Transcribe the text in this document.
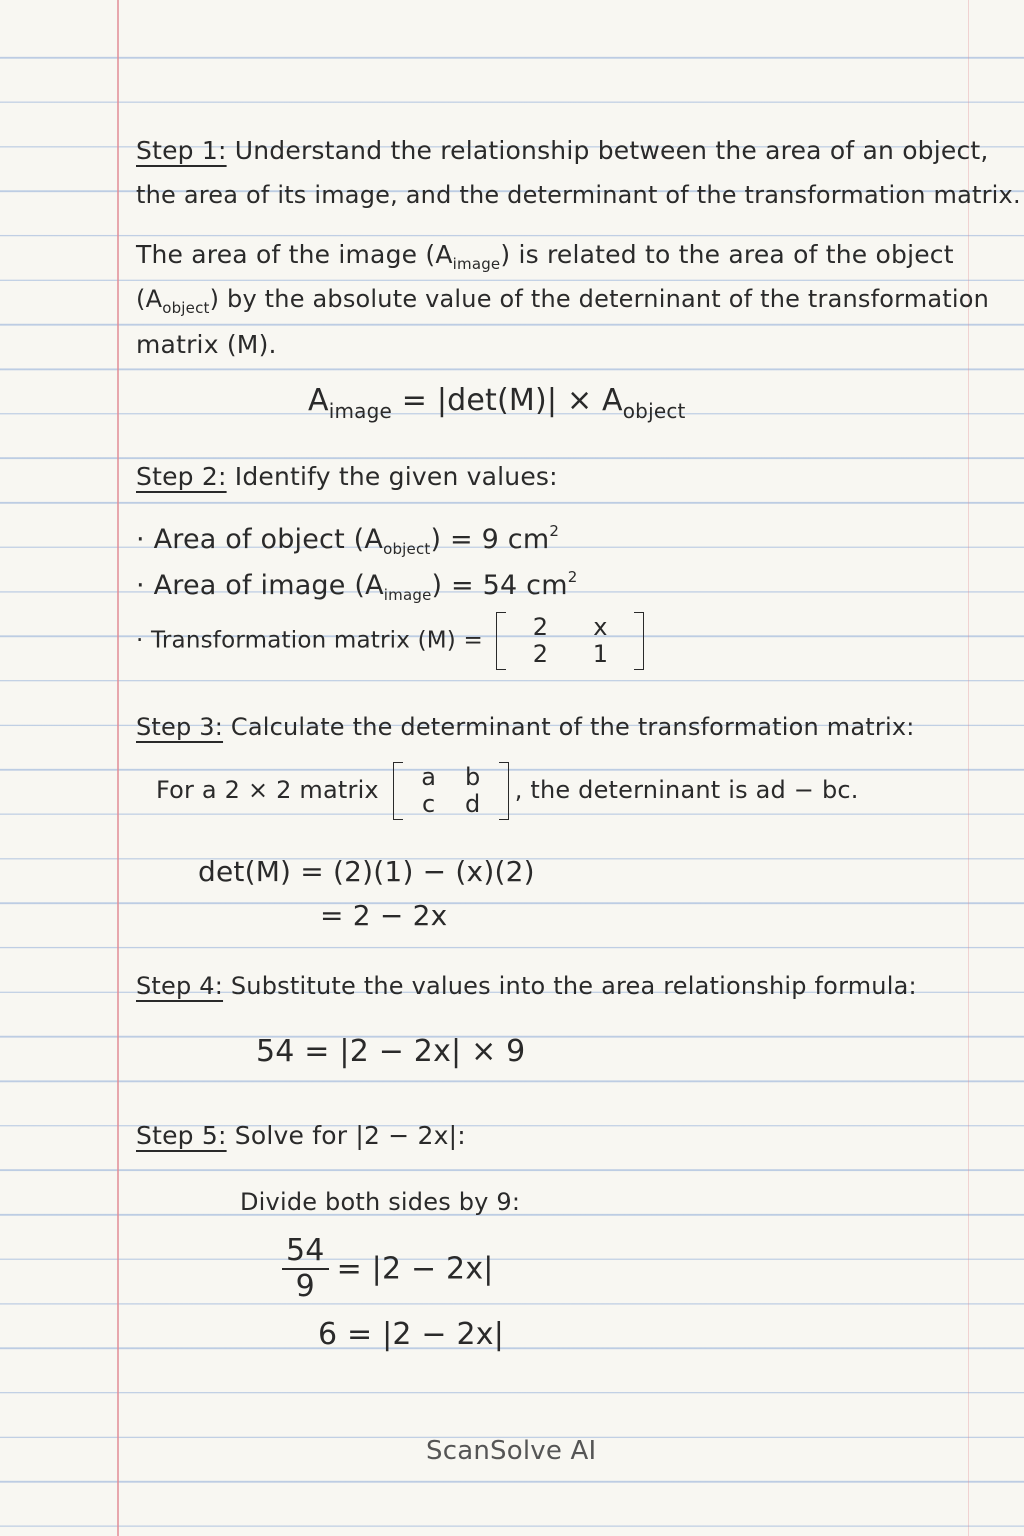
Step 1: Understand the relationship between the area of an object,
the area of its image, and the determinant of the transformation matrix.
The area of the image $(A_{image})$ is related to the area of the object
$(A_{object})$ by the absolute value of the deterninant of the transformation
matrix (M).
$A_{image} = |\det(M)| \times A_{object}$
Step 2: Identify the given values:
· Area of object $(A_{object}) = 9$ $cm^2$
· Area of image $(A_{image}) = 54$ $cm^2$
· Transformation matrix (M) =	2	x
2	1
Step 3: Calculate the determinant of the transformation matrix:
For a 2 × 2 matrix	a	b
c	d	, the deterninant is ad − bc.
det(M) = (2)(1) − (x)(2)
= 2 − 2x
Step 4: Substitute the values into the area relationship formula:
54 = |2 − 2x| × 9
Step 5: Solve for |2 − 2x|:
Divide both sides by 9:
$\frac{54}{9} = |2 - 2x|$
6 = |2 − 2x|
ScanSolve AI
